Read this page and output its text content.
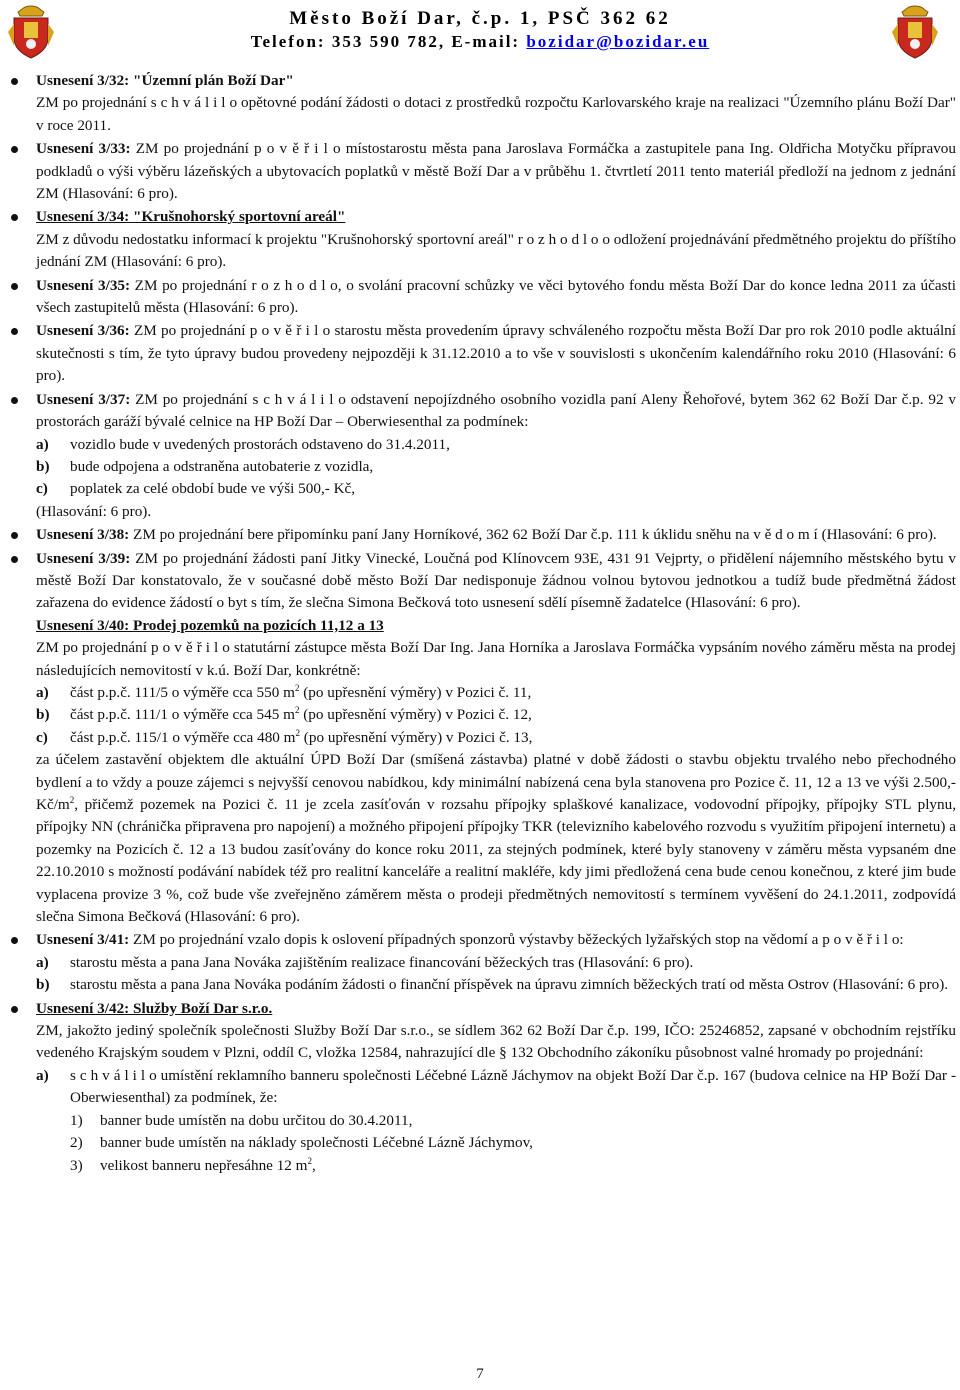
Město Boží Dar, č.p. 1, PSČ 362 62
Telefon: 353 590 782, E-mail: bozidar@bozidar.eu

Usnesení 3/32: "Územní plán Boží Dar"

ZM po projednání s c h v á l i l o opětovné podání žádosti o dotaci z prostředků rozpočtu Karlovarského kraje na realizaci "Územního plánu Boží Dar" v roce 2011.

Usnesení 3/33: ZM po projednání p o v ě ř i l o místostarostu města pana Jaroslava Formáčka a zastupitele pana Ing. Oldřicha Motyčku přípravou podkladů o výši výběru lázeňských a ubytovacích poplatků v městě Boží Dar a v průběhu 1. čtvrtletí 2011 tento materiál předloží na jednom z jednání ZM (Hlasování: 6 pro).

Usnesení 3/34: "Krušnohorský sportovní areál"

ZM z důvodu nedostatku informací k projektu "Krušnohorský sportovní areál" r o z h o d l o o odložení projednávání předmětného projektu do příštího jednání ZM (Hlasování: 6 pro).

Usnesení 3/35: ZM po projednání r o z h o d l o, o svolání pracovní schůzky ve věci bytového fondu města Boží Dar do konce ledna 2011 za účasti všech zastupitelů města (Hlasování: 6 pro).

Usnesení 3/36: ZM po projednání p o v ě ř i l o starostu města provedením úpravy schváleného rozpočtu města Boží Dar pro rok 2010 podle aktuální skutečnosti s tím, že tyto úpravy budou provedeny nejpozději k 31.12.2010 a to vše v souvislosti s ukončením kalendářního roku 2010 (Hlasování: 6 pro).

Usnesení 3/37: ZM po projednání s c h v á l i l o odstavení nepojízdného osobního vozidla paní Aleny Řehořové, bytem 362 62 Boží Dar č.p. 92 v prostorách garáží bývalé celnice na HP Boží Dar – Oberwiesenthal za podmínek:

a)	vozidlo bude v uvedených prostorách odstaveno do 31.4.2011,
b)	bude odpojena a odstraněna autobaterie z vozidla,
c)	poplatek za celé období bude ve výši 500,- Kč,

(Hlasování: 6 pro).

Usnesení 3/38: ZM po projednání bere připomínku paní Jany Horníkové, 362 62 Boží Dar č.p. 111 k úklidu sněhu na v ě d o m í (Hlasování: 6 pro).

Usnesení 3/39: ZM po projednání žádosti paní Jitky Vinecké, Loučná pod Klínovcem 93E, 431 91 Vejprty, o přidělení nájemního městského bytu v městě Boží Dar konstatovalo, že v současné době město Boží Dar nedisponuje žádnou volnou bytovou jednotkou a tudíž bude předmětná žádost zařazena do evidence žádostí o byt s tím, že slečna Simona Bečková toto usnesení sdělí písemně žadatelce (Hlasování: 6 pro).

Usnesení 3/40: Prodej pozemků na pozicích 11,12 a 13

ZM po projednání p o v ě ř i l o statutární zástupce města Boží Dar Ing. Jana Horníka a Jaroslava Formáčka vypsáním nového záměru města na prodej následujících nemovitostí v k.ú. Boží Dar, konkrétně:

a)	část p.p.č. 111/5 o výměře cca 550 $m^2$ (po upřesnění výměry) v Pozici č. 11,
b)	část p.p.č. 111/1 o výměře cca 545 $m^2$ (po upřesnění výměry) v Pozici č. 12,
c)	část p.p.č. 115/1 o výměře cca 480 $m^2$ (po upřesnění výměry) v Pozici č. 13,

za účelem zastavění objektem dle aktuální ÚPD Boží Dar (smíšená zástavba) platné v době žádosti o stavbu objektu trvalého nebo přechodného bydlení a to vždy a pouze zájemci s nejvyšší cenovou nabídkou, kdy minimální nabízená cena byla stanovena pro Pozice č. 11, 12 a 13 ve výši 2.500,- $Kč/m^2$, přičemž pozemek na Pozici č. 11 je zcela zasíťován v rozsahu přípojky splaškové kanalizace, vodovodní přípojky, přípojky STL plynu, přípojky NN (chránička připravena pro napojení) a možného připojení přípojky TKR (televizního kabelového rozvodu s využitím připojení internetu) a pozemky na Pozicích č. 12 a 13 budou zasíťovány do konce roku 2011, za stejných podmínek, které byly stanoveny v záměru města vypsaném dne 22.10.2010 s možností podávání nabídek též pro realitní kanceláře a realitní makléře, kdy jimi předložená cena bude cenou konečnou, z které jim bude vyplacena provize 3 %, což bude vše zveřejněno záměrem města o prodeji předmětných nemovitostí s termínem vyvěšení do 24.1.2011, zodpovídá slečna Simona Bečková (Hlasování: 6 pro).

Usnesení 3/41: ZM po projednání vzalo dopis k oslovení případných sponzorů výstavby běžeckých lyžařských stop na vědomí a p o v ě ř i l o:

a)	starostu města a pana Jana Nováka zajištěním realizace financování běžeckých tras (Hlasování: 6 pro).
b)	starostu města a pana Jana Nováka podáním žádosti o finanční příspěvek na úpravu zimních běžeckých tratí od města Ostrov (Hlasování: 6 pro).

Usnesení 3/42: Služby Boží Dar s.r.o.

ZM, jakožto jediný společník společnosti Služby Boží Dar s.r.o., se sídlem 362 62 Boží Dar č.p. 199, IČO: 25246852, zapsané v obchodním rejstříku vedeného Krajským soudem v Plzni, oddíl C, vložka 12584, nahrazující dle § 132 Obchodního zákoníku působnost valné hromady po projednání:

a)	s c h v á l i l o umístění reklamního banneru společnosti Léčebné Lázně Jáchymov na objekt Boží Dar č.p. 167 (budova celnice na HP Boží Dar - Oberwiesenthal) za podmínek, že:
1)	banner bude umístěn na dobu určitou do 30.4.2011,
2)	banner bude umístěn na náklady společnosti Léčebné Lázně Jáchymov,
3)	velikost banneru nepřesáhne 12 $m^2$,
7
